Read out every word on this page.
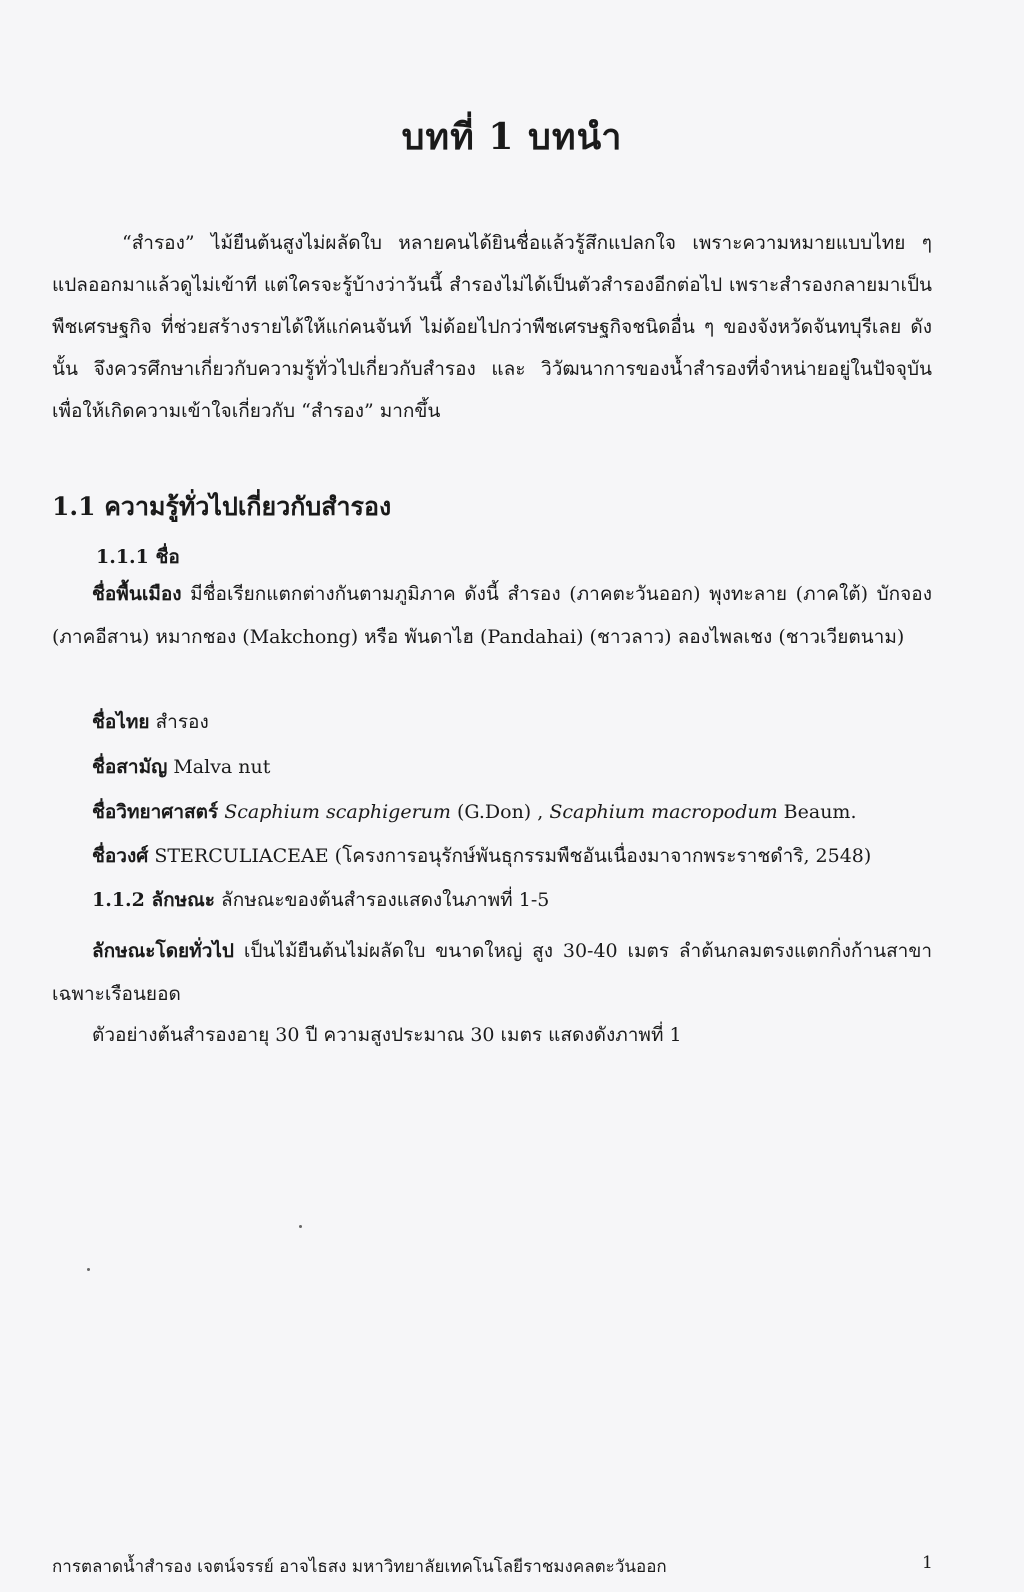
บทที่ 1 บทนำ
“สำรอง” ไม้ยืนต้นสูงไม่ผลัดใบ หลายคนได้ยินชื่อแล้วรู้สึกแปลกใจ เพราะความหมายแบบไทย ๆ แปลออกมาแล้วดูไม่เข้าที แต่ใครจะรู้บ้างว่าวันนี้ สำรองไม่ได้เป็นตัวสำรองอีกต่อไป เพราะสำรองกลายมาเป็นพืชเศรษฐกิจ ที่ช่วยสร้างรายได้ให้แก่คนจันท์ ไม่ด้อยไปกว่าพืชเศรษฐกิจชนิดอื่น ๆ ของจังหวัดจันทบุรีเลย ดังนั้น จึงควรศึกษาเกี่ยวกับความรู้ทั่วไปเกี่ยวกับสำรอง และ วิวัฒนาการของน้ำสำรองที่จำหน่ายอยู่ในปัจจุบัน เพื่อให้เกิดความเข้าใจเกี่ยวกับ “สำรอง” มากขึ้น
1.1 ความรู้ทั่วไปเกี่ยวกับสำรอง
1.1.1 ชื่อ
ชื่อพื้นเมือง มีชื่อเรียกแตกต่างกันตามภูมิภาค ดังนี้ สำรอง (ภาคตะวันออก) พุงทะลาย (ภาคใต้) บักจอง (ภาคอีสาน) หมากชอง (Makchong) หรือ พันดาไฮ (Pandahai) (ชาวลาว) ลองไพลเชง (ชาวเวียตนาม)
ชื่อไทย สำรอง
ชื่อสามัญ Malva nut
ชื่อวิทยาศาสตร์ Scaphium scaphigerum (G.Don) , Scaphium macropodum Beaum.
ชื่อวงศ์ STERCULIACEAE (โครงการอนุรักษ์พันธุกรรมพืชอันเนื่องมาจากพระราชดำริ, 2548)
1.1.2 ลักษณะ ลักษณะของต้นสำรองแสดงในภาพที่ 1-5
ลักษณะโดยทั่วไป เป็นไม้ยืนต้นไม่ผลัดใบ ขนาดใหญ่ สูง 30-40 เมตร ลำต้นกลมตรงแตกกิ่งก้านสาขาเฉพาะเรือนยอด
ตัวอย่างต้นสำรองอายุ 30 ปี ความสูงประมาณ 30 เมตร แสดงดังภาพที่ 1
การตลาดน้ำสำรอง เจตน์จรรย์ อาจไธสง มหาวิทยาลัยเทคโนโลยีราชมงคลตะวันออก	1
